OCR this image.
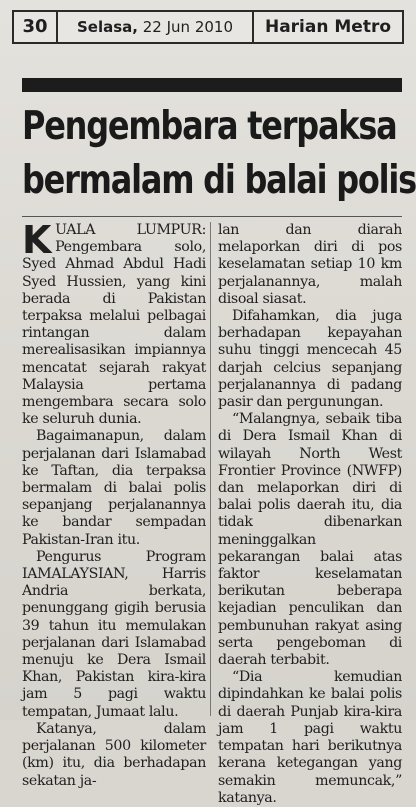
30	Selasa, 22 Jun 2010	Harian Metro
Pengembara terpaksa
bermalam di balai polis

KUALA LUMPUR: Pengembara solo, Syed Ahmad Abdul Hadi Syed Hussien, yang kini berada di Pakistan terpaksa melalui pelbagai rintangan dalam merealisasikan impiannya mencatat sejarah rakyat Malaysia pertama mengembara secara solo ke seluruh dunia.

Bagaimanapun, dalam perjalanan dari Islamabad ke Taftan, dia terpaksa bermalam di balai polis sepanjang perjalanannya ke bandar sempadan Pakistan-Iran itu.

Pengurus Program IAMALAYSIAN, Harris Andria berkata, penunggang gigih berusia 39 tahun itu memulakan perjalanan dari Islamabad menuju ke Dera Ismail Khan, Pakistan kira-kira jam 5 pagi waktu tempatan, Jumaat lalu.

Katanya, dalam perjalanan 500 kilometer (km) itu, dia berhadapan sekatan ja-

lan dan diarah melaporkan diri di pos keselamatan setiap 10 km perjalanannya, malah disoal siasat.

Difahamkan, dia juga berhadapan kepayahan suhu tinggi mencecah 45 darjah celcius sepanjang perjalanannya di padang pasir dan pergunungan.

“Malangnya, sebaik tiba di Dera Ismail Khan di wilayah North West Frontier Province (NWFP) dan melaporkan diri di balai polis daerah itu, dia tidak dibenarkan meninggalkan pekarangan balai atas faktor keselamatan berikutan beberapa kejadian penculikan dan pembunuhan rakyat asing serta pengeboman di daerah terbabit.

“Dia kemudian dipindahkan ke balai polis di daerah Punjab kira-kira jam 1 pagi waktu tempatan hari berikutnya kerana ketegangan yang semakin memuncak,” katanya.
